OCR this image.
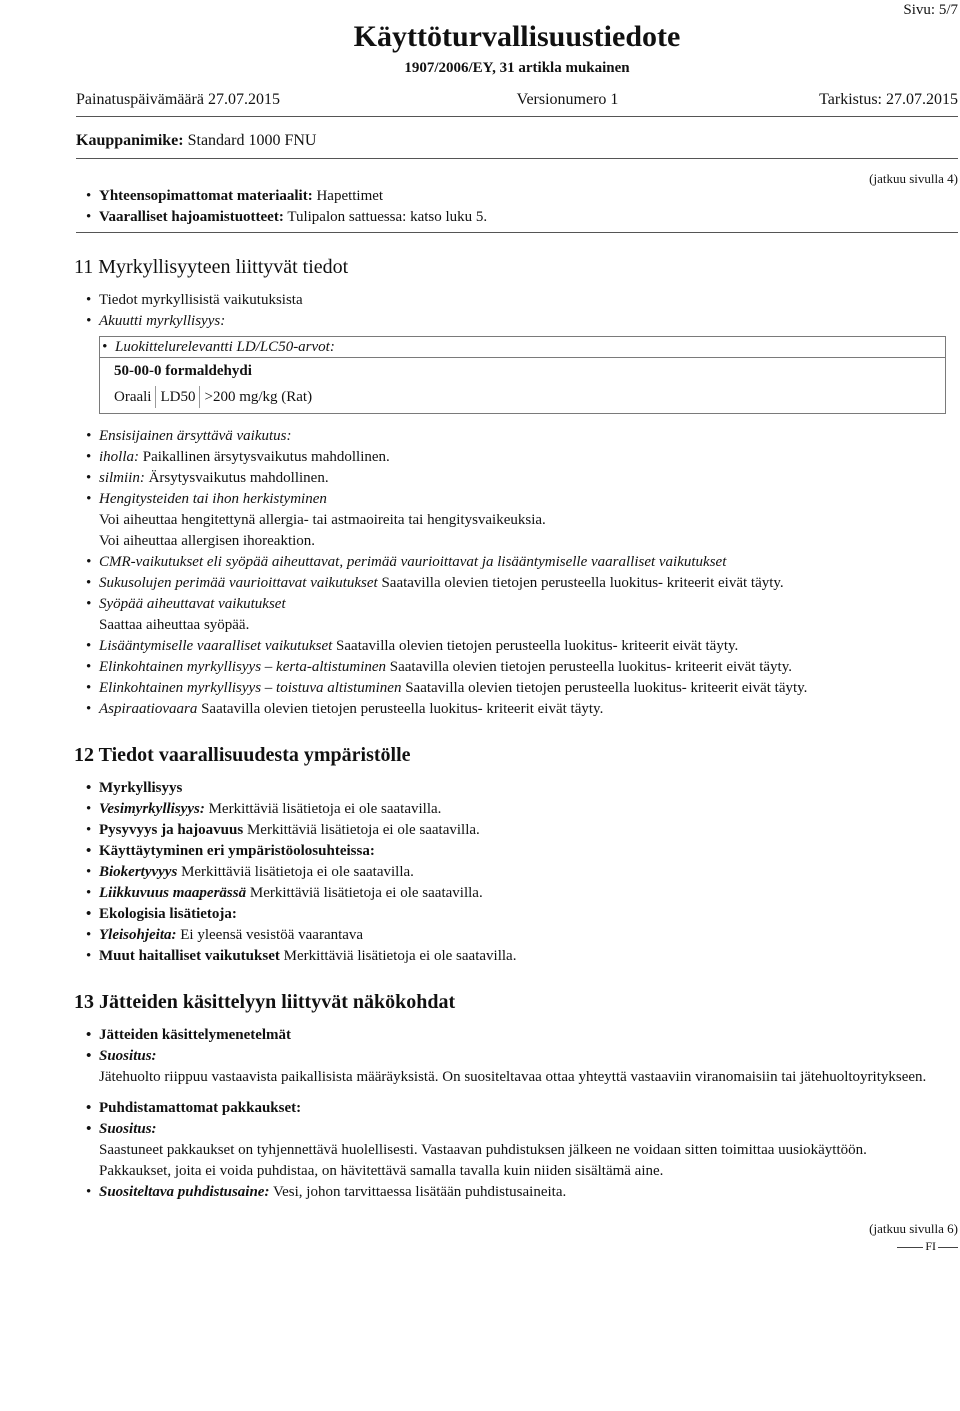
Sivu: 5/7
Käyttöturvallisuustiedote
1907/2006/EY, 31 artikla mukainen
Painatuspäivämäärä 27.07.2015	Versionumero 1	Tarkistus: 27.07.2015
Kauppanimike: Standard 1000 FNU
(jatkuu sivulla 4)
• Yhteensopimattomat materiaalit: Hapettimet
• Vaaralliset hajoamistuotteet: Tulipalon sattuessa: katso luku 5.
11 Myrkyllisyyteen liittyvät tiedot
• Tiedot myrkyllisistä vaikutuksista
• Akuutti myrkyllisyys:
• Luokittelurelevantti LD/LC50-arvot:
50-00-0 formaldehydi
Oraali LD50 >200 mg/kg (Rat)
• Ensisijainen ärsyttävä vaikutus:
• iholla: Paikallinen ärsytysvaikutus mahdollinen.
• silmiin: Ärsytysvaikutus mahdollinen.
• Hengitysteiden tai ihon herkistyminen
Voi aiheuttaa hengitettynä allergia- tai astmaoireita tai hengitysvaikeuksia.
Voi aiheuttaa allergisen ihoreaktion.
• CMR-vaikutukset eli syöpää aiheuttavat, perimää vaurioittavat ja lisääntymiselle vaaralliset vaikutukset
• Sukusolujen perimää vaurioittavat vaikutukset Saatavilla olevien tietojen perusteella luokitus- kriteerit eivät täyty.
• Syöpää aiheuttavat vaikutukset
Saattaa aiheuttaa syöpää.
• Lisääntymiselle vaaralliset vaikutukset Saatavilla olevien tietojen perusteella luokitus- kriteerit eivät täyty.
• Elinkohtainen myrkyllisyys – kerta-altistuminen Saatavilla olevien tietojen perusteella luokitus- kriteerit eivät täyty.
• Elinkohtainen myrkyllisyys – toistuva altistuminen Saatavilla olevien tietojen perusteella luokitus- kriteerit eivät täyty.
• Aspiraatiovaara Saatavilla olevien tietojen perusteella luokitus- kriteerit eivät täyty.
12 Tiedot vaarallisuudesta ympäristölle
• Myrkyllisyys
• Vesimyrkyllisyys: Merkittäviä lisätietoja ei ole saatavilla.
• Pysyvyys ja hajoavuus Merkittäviä lisätietoja ei ole saatavilla.
• Käyttäytyminen eri ympäristöolosuhteissa:
• Biokertyvyys Merkittäviä lisätietoja ei ole saatavilla.
• Liikkuvuus maaperässä Merkittäviä lisätietoja ei ole saatavilla.
• Ekologisia lisätietoja:
• Yleisohjeita: Ei yleensä vesistöä vaarantava
• Muut haitalliset vaikutukset Merkittäviä lisätietoja ei ole saatavilla.
13 Jätteiden käsittelyyn liittyvät näkökohdat
• Jätteiden käsittelymenetelmät
• Suositus:
Jätehuolto riippuu vastaavista paikallisista määräyksistä. On suositeltavaa ottaa yhteyttä vastaaviin viranomaisiin tai jätehuoltoyritykseen.
• Puhdistamattomat pakkaukset:
• Suositus:
Saastuneet pakkaukset on tyhjennettävä huolellisesti. Vastaavan puhdistuksen jälkeen ne voidaan sitten toimittaa uusiokäyttöön.
Pakkaukset, joita ei voida puhdistaa, on hävitettävä samalla tavalla kuin niiden sisältämä aine.
• Suositeltava puhdistusaine: Vesi, johon tarvittaessa lisätään puhdistusaineita.
(jatkuu sivulla 6)
FI
